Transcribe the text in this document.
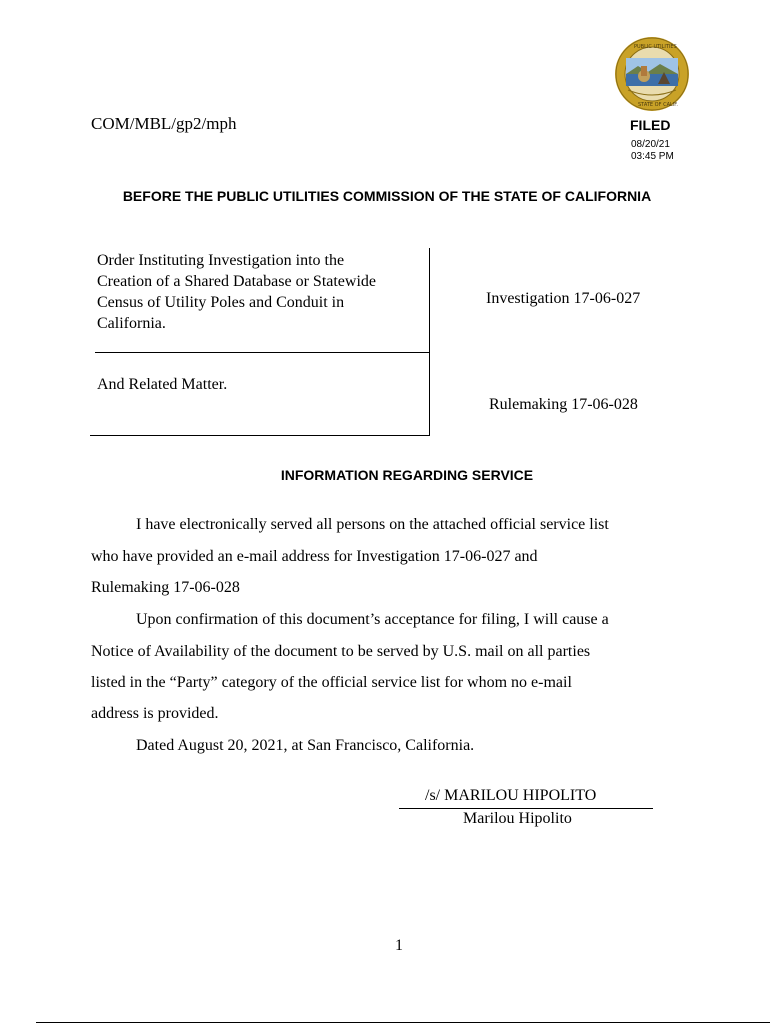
PUBLIC UTILITIES
STATE OF CALIF.
COM/MBL/gp2/mph	FILED
08/20/21
03:45 PM
BEFORE THE PUBLIC UTILITIES COMMISSION OF THE STATE OF CALIFORNIA
Order Instituting Investigation into the
Creation of a Shared Database or Statewide
Census of Utility Poles and Conduit in
California.
Investigation 17-06-027
And Related Matter.
Rulemaking 17-06-028
INFORMATION REGARDING SERVICE
I have electronically served all persons on the attached official service list
who have provided an e-mail address for Investigation 17-06-027 and
Rulemaking 17-06-028
Upon confirmation of this document’s acceptance for filing, I will cause a
Notice of Availability of the document to be served by U.S. mail on all parties
listed in the “Party” category of the official service list for whom no e-mail
address is provided.
Dated August 20, 2021, at San Francisco, California.
/s/ MARILOU HIPOLITO
Marilou Hipolito
1
